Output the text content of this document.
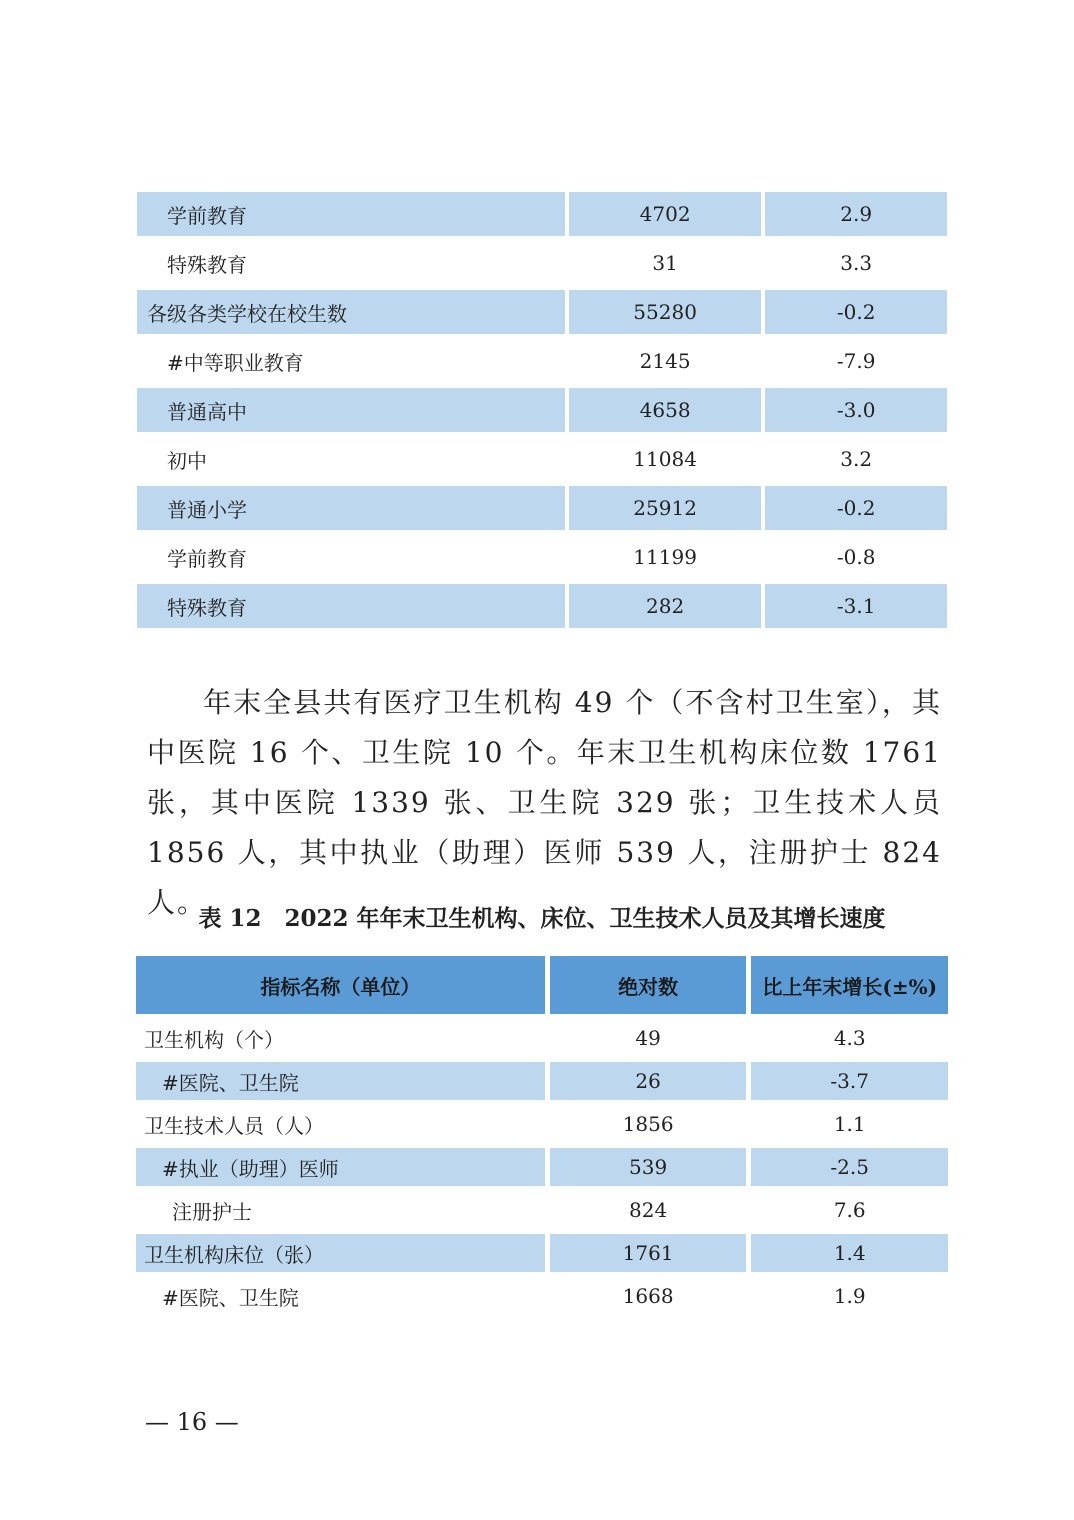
学前教育	4702	2.9
特殊教育	31	3.3
各级各类学校在校生数	55280	-0.2
#中等职业教育	2145	-7.9
普通高中	4658	-3.0
初中	11084	3.2
普通小学	25912	-0.2
学前教育	11199	-0.8
特殊教育	282	-3.1
年末全县共有医疗卫生机构 49 个（不含村卫生室），其中医院 16 个、卫生院 10 个。年末卫生机构床位数 1761 张，其中医院 1339 张、卫生院 329 张；卫生技术人员 1856 人，其中执业（助理）医师 539 人，注册护士 824 人。
表 12　2022 年年末卫生机构、床位、卫生技术人员及其增长速度
指标名称（单位）	绝对数	比上年末增长(±%)
卫生机构（个）	49	4.3
#医院、卫生院	26	-3.7
卫生技术人员（人）	1856	1.1
#执业（助理）医师	539	-2.5
注册护士	824	7.6
卫生机构床位（张）	1761	1.4
#医院、卫生院	1668	1.9
— 16 —
